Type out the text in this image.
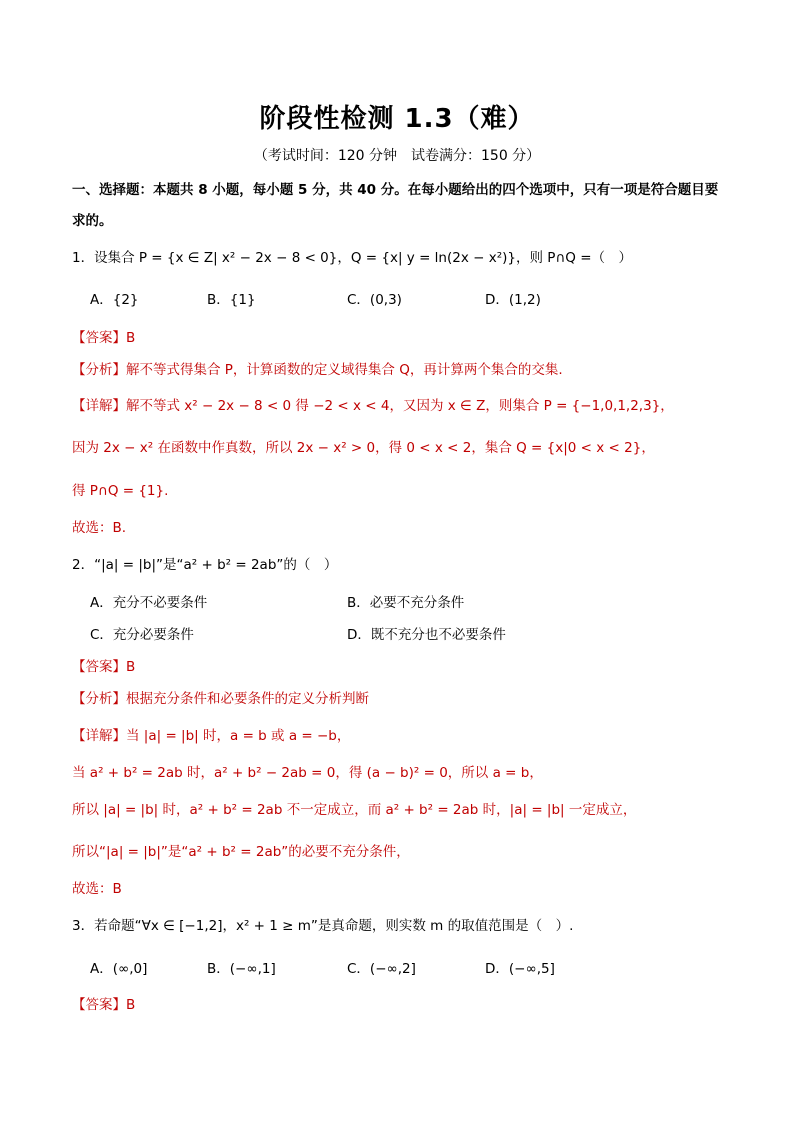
阶段性检测 1.3（难）
（考试时间：120 分钟　试卷满分：150 分）
一、选择题：本题共 8 小题，每小题 5 分，共 40 分。在每小题给出的四个选项中，只有一项是符合题目要
求的。
1．设集合 P = {x ∈ Z| x² − 2x − 8 < 0}，Q = {x| y = ln(2x − x²)}，则 P∩Q =（　）
A．{2}	B．{1}	C．(0,3)	D．(1,2)
【答案】B
【分析】解不等式得集合 P，计算函数的定义域得集合 Q，再计算两个集合的交集.
【详解】解不等式 x² − 2x − 8 < 0 得 −2 < x < 4，又因为 x ∈ Z，则集合 P = {−1,0,1,2,3}，
因为 2x − x² 在函数中作真数，所以 2x − x² > 0，得 0 < x < 2，集合 Q = {x|0 < x < 2}，
得 P∩Q = {1}.
故选：B.
2．“|a| = |b|”是“a² + b² = 2ab”的（　）
A．充分不必要条件	B．必要不充分条件
C．充分必要条件	D．既不充分也不必要条件
【答案】B
【分析】根据充分条件和必要条件的定义分析判断
【详解】当 |a| = |b| 时，a = b 或 a = −b，
当 a² + b² = 2ab 时，a² + b² − 2ab = 0，得 (a − b)² = 0，所以 a = b，
所以 |a| = |b| 时，a² + b² = 2ab 不一定成立，而 a² + b² = 2ab 时，|a| = |b| 一定成立，
所以“|a| = |b|”是“a² + b² = 2ab”的必要不充分条件，
故选：B
3．若命题“∀x ∈ [−1,2]，x² + 1 ≥ m”是真命题，则实数 m 的取值范围是（　）.
A．(∞,0]	B．(−∞,1]	C．(−∞,2]	D．(−∞,5]
【答案】B
